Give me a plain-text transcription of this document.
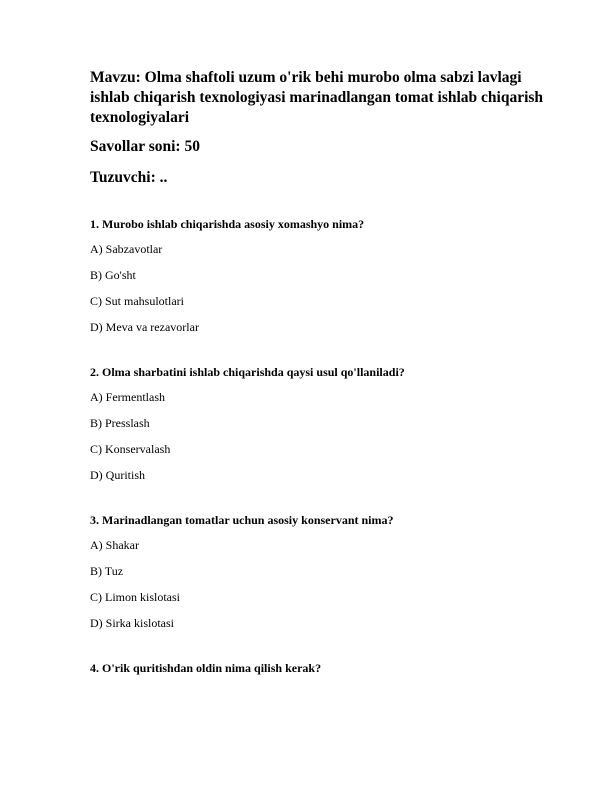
Mavzu: Olma shaftoli uzum o'rik behi murobo olma sabzi lavlagi ishlab chiqarish texnologiyasi marinadlangan tomat ishlab chiqarish texnologiyalari

Savollar soni: 50

Tuzuvchi: ..

1. Murobo ishlab chiqarishda asosiy xomashyo nima?

A) Sabzavotlar

B) Go'sht

C) Sut mahsulotlari

D) Meva va rezavorlar

2. Olma sharbatini ishlab chiqarishda qaysi usul qo'llaniladi?

A) Fermentlash

B) Presslash

C) Konservalash

D) Quritish

3. Marinadlangan tomatlar uchun asosiy konservant nima?

A) Shakar

B) Tuz

C) Limon kislotasi

D) Sirka kislotasi

4. O'rik quritishdan oldin nima qilish kerak?
